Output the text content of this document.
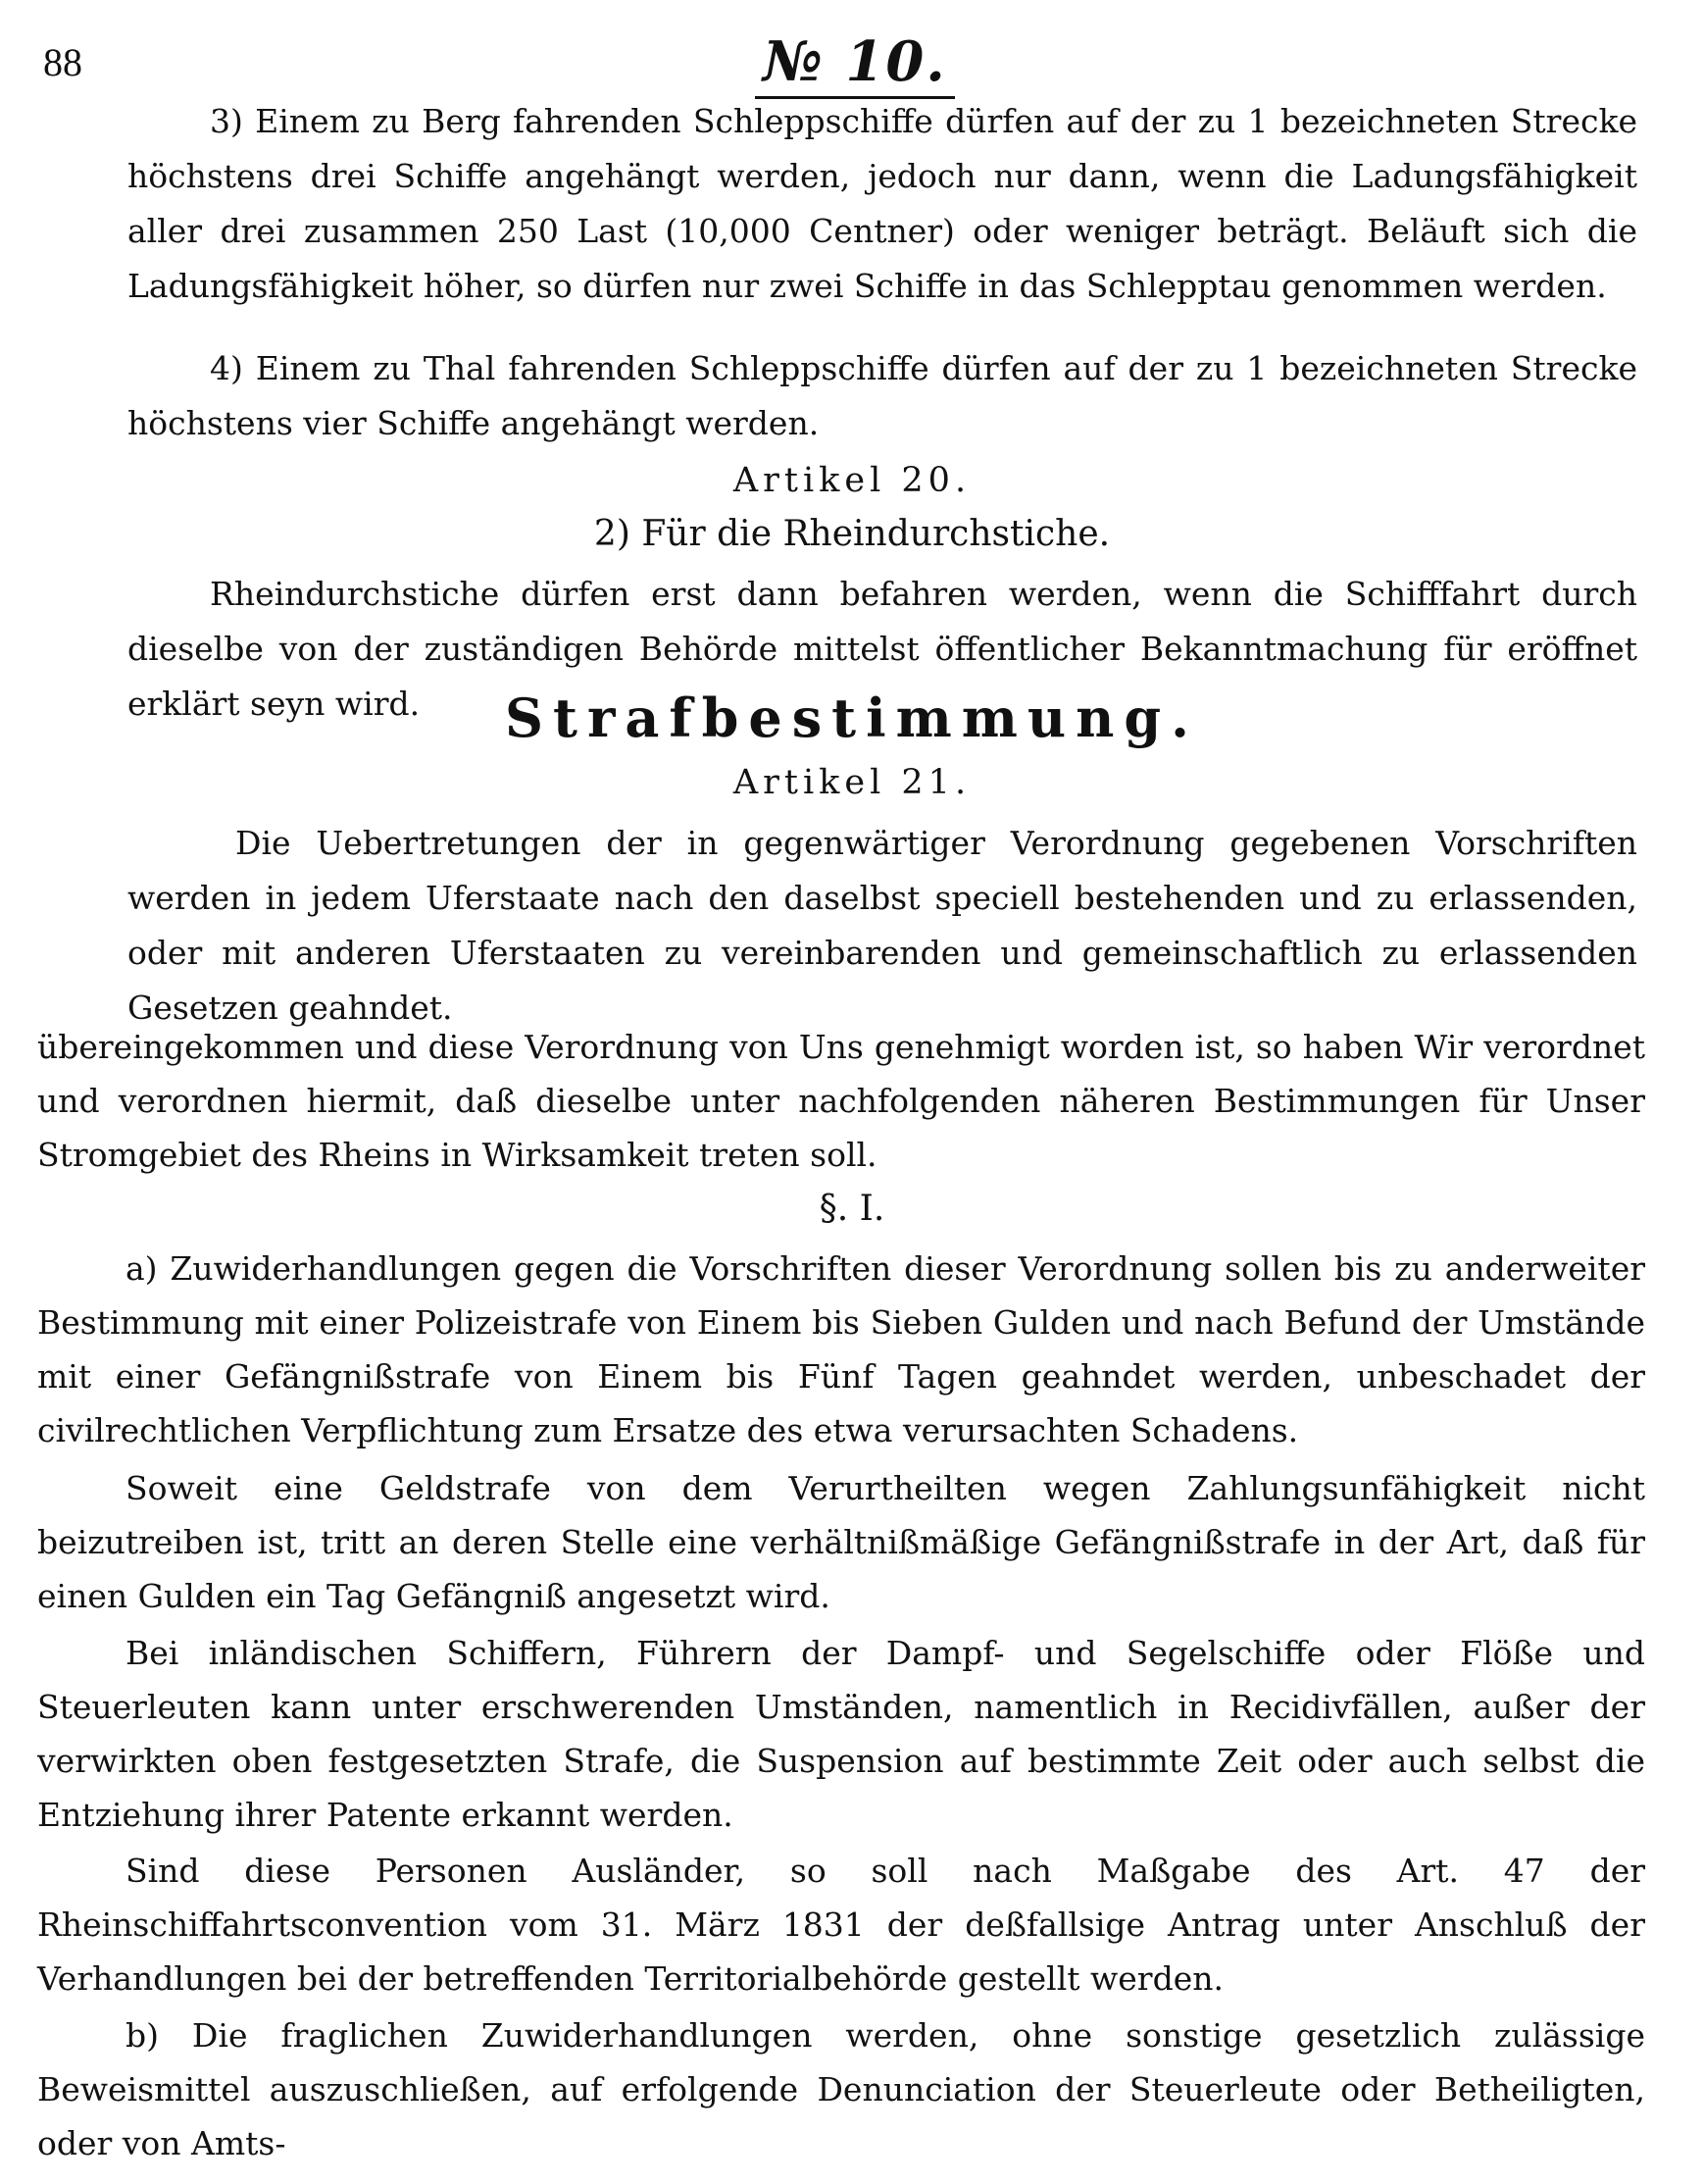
88	№ 10.

3) Einem zu Berg fahrenden Schleppschiffe dürfen auf der zu 1 bezeichneten Strecke höchstens drei Schiffe angehängt werden, jedoch nur dann, wenn die Ladungsfähigkeit aller drei zusammen 250 Last (10,000 Centner) oder weniger beträgt. Beläuft sich die Ladungsfähigkeit höher, so dürfen nur zwei Schiffe in das Schlepptau genommen werden.

4) Einem zu Thal fahrenden Schleppschiffe dürfen auf der zu 1 bezeichneten Strecke höchstens vier Schiffe angehängt werden.

Artikel 20.
2) Für die Rheindurchstiche.

Rheindurchstiche dürfen erst dann befahren werden, wenn die Schifffahrt durch dieselbe von der zuständigen Behörde mittelst öffentlicher Bekanntmachung für eröffnet erklärt seyn wird.	Strafbestimmung.
Artikel 21.

Die Uebertretungen der in gegenwärtiger Verordnung gegebenen Vorschriften werden in jedem Uferstaate nach den daselbst speciell bestehenden und zu erlassenden, oder mit anderen Uferstaaten zu vereinbarenden und gemeinschaftlich zu erlassenden Gesetzen geahndet.

übereingekommen und diese Verordnung von Uns genehmigt worden ist, so haben Wir verordnet und verordnen hiermit, daß dieselbe unter nachfolgenden näheren Bestimmungen für Unser Stromgebiet des Rheins in Wirksamkeit treten soll.

§. I.

a) Zuwiderhandlungen gegen die Vorschriften dieser Verordnung sollen bis zu anderweiter Bestimmung mit einer Polizeistrafe von Einem bis Sieben Gulden und nach Befund der Umstände mit einer Gefängnißstrafe von Einem bis Fünf Tagen geahndet werden, unbeschadet der civilrechtlichen Verpflichtung zum Ersatze des etwa verursachten Schadens.

Soweit eine Geldstrafe von dem Verurtheilten wegen Zahlungsunfähigkeit nicht beizutreiben ist, tritt an deren Stelle eine verhältnißmäßige Gefängnißstrafe in der Art, daß für einen Gulden ein Tag Gefängniß angesetzt wird.

Bei inländischen Schiffern, Führern der Dampf- und Segelschiffe oder Flöße und Steuerleuten kann unter erschwerenden Umständen, namentlich in Recidivfällen, außer der verwirkten oben festgesetzten Strafe, die Suspension auf bestimmte Zeit oder auch selbst die Entziehung ihrer Patente erkannt werden.

Sind diese Personen Ausländer, so soll nach Maßgabe des Art. 47 der Rheinschiffahrtsconvention vom 31. März 1831 der deßfallsige Antrag unter Anschluß der Verhandlungen bei der betreffenden Territorialbehörde gestellt werden.

b) Die fraglichen Zuwiderhandlungen werden, ohne sonstige gesetzlich zulässige Beweismittel auszuschließen, auf erfolgende Denunciation der Steuerleute oder Betheiligten, oder von Amts-
